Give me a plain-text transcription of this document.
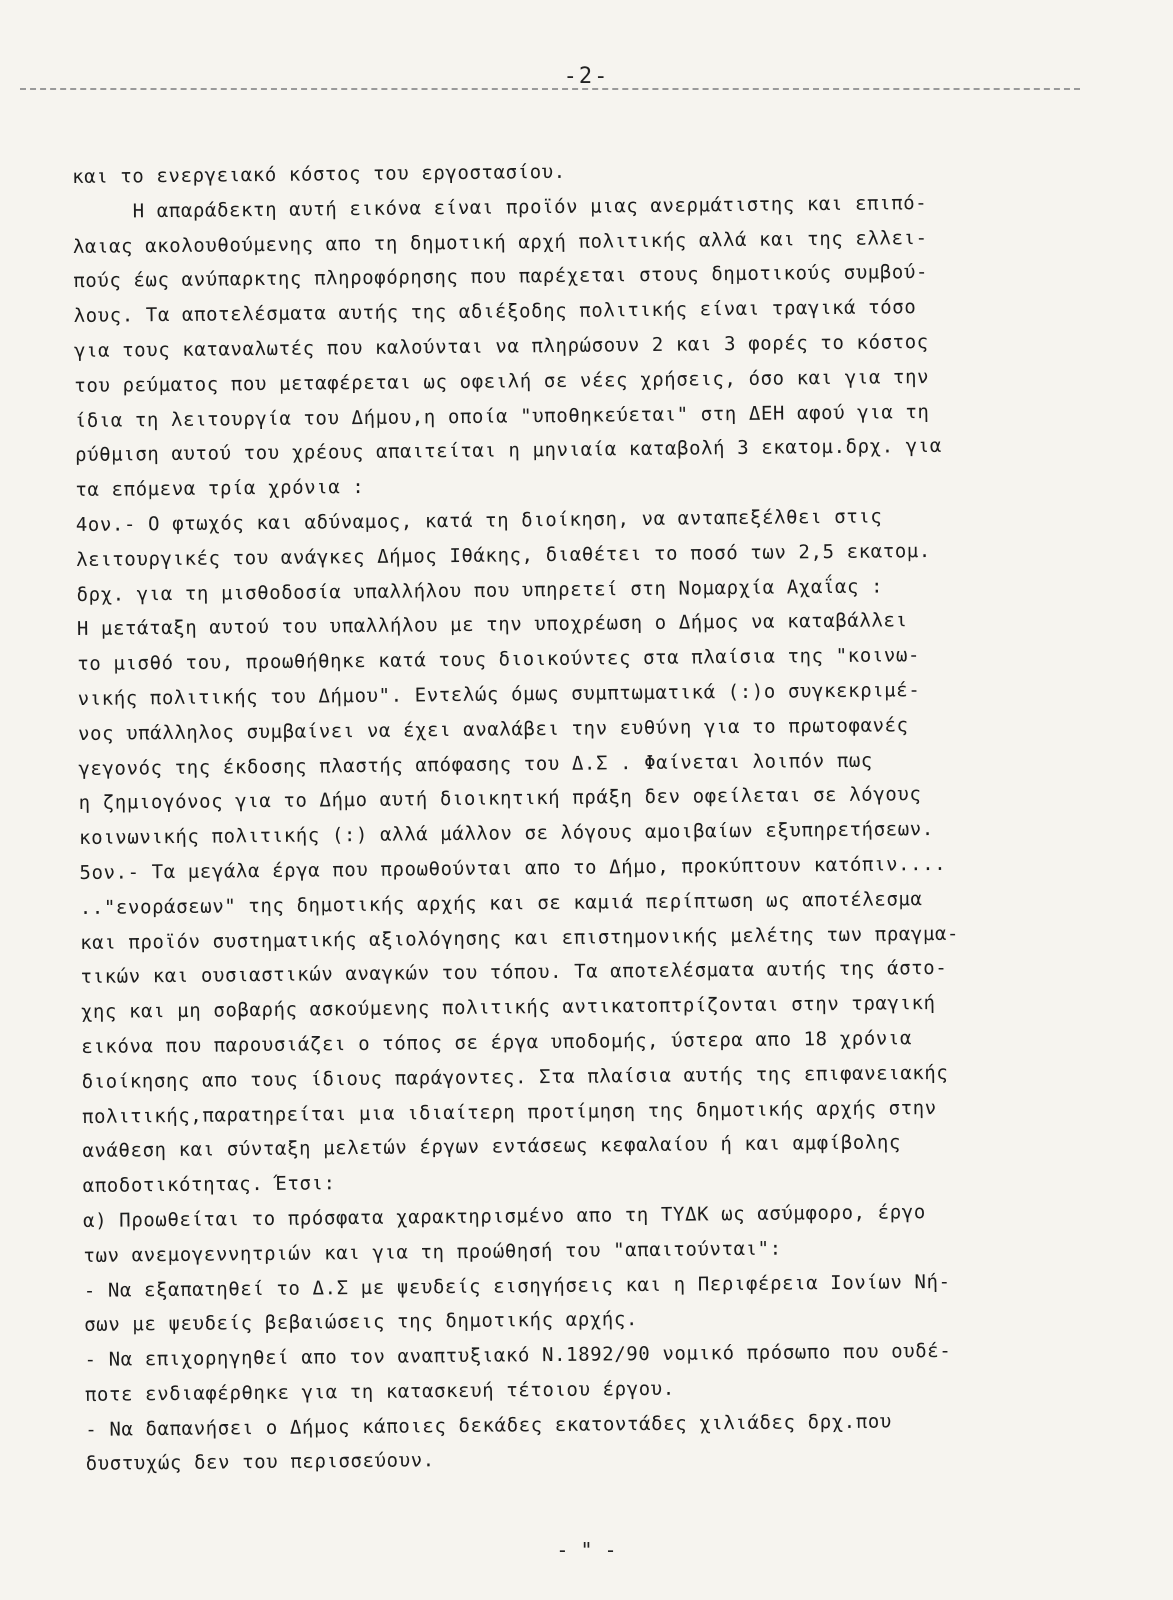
-2-
και το ενεργειακό κόστος του εργοστασίου.
Η απαράδεκτη αυτή εικόνα είναι προϊόν μιας ανερμάτιστης και επιπό-
λαιας ακολουθούμενης απο τη δημοτική αρχή πολιτικής αλλά και της ελλει-
πούς έως ανύπαρκτης πληροφόρησης που παρέχεται στους δημοτικούς συμβού-
λους. Τα αποτελέσματα αυτής της αδιέξοδης πολιτικής είναι τραγικά τόσο
για τους καταναλωτές που καλούνται να πληρώσουν 2 και 3 φορές το κόστος
του ρεύματος που μεταφέρεται ως οφειλή σε νέες χρήσεις, όσο και για την
ίδια τη λειτουργία του Δήμου,η οποία "υποθηκεύεται" στη ΔΕΗ αφού για τη
ρύθμιση αυτού του χρέους απαιτείται η μηνιαία καταβολή 3 εκατομ.δρχ. για
τα επόμενα τρία χρόνια :
4ον.- Ο φτωχός και αδύναμος, κατά τη διοίκηση, να ανταπεξέλθει στις
λειτουργικές του ανάγκες Δήμος Ιθάκης, διαθέτει το ποσό των 2,5 εκατομ.
δρχ. για τη μισθοδοσία υπαλλήλου που υπηρετεί στη Νομαρχία Αχαΐας :
Η μετάταξη αυτού του υπαλλήλου με την υποχρέωση ο Δήμος να καταβάλλει
το μισθό του, προωθήθηκε κατά τους διοικούντες στα πλαίσια της "κοινω-
νικής πολιτικής του Δήμου". Εντελώς όμως συμπτωματικά (:)ο συγκεκριμέ-
νος υπάλληλος συμβαίνει να έχει αναλάβει την ευθύνη για το πρωτοφανές
γεγονός της έκδοσης πλαστής απόφασης του Δ.Σ . Φαίνεται λοιπόν πως
η ζημιογόνος για το Δήμο αυτή διοικητική πράξη δεν οφείλεται σε λόγους
κοινωνικής πολιτικής (:) αλλά μάλλον σε λόγους αμοιβαίων εξυπηρετήσεων.
5ον.- Τα μεγάλα έργα που προωθούνται απο το Δήμο, προκύπτουν κατόπιν....
.."ενοράσεων" της δημοτικής αρχής και σε καμιά περίπτωση ως αποτέλεσμα
και προϊόν συστηματικής αξιολόγησης και επιστημονικής μελέτης των πραγμα-
τικών και ουσιαστικών αναγκών του τόπου. Τα αποτελέσματα αυτής της άστο-
χης και μη σοβαρής ασκούμενης πολιτικής αντικατοπτρίζονται στην τραγική
εικόνα που παρουσιάζει ο τόπος σε έργα υποδομής, ύστερα απο 18 χρόνια
διοίκησης απο τους ίδιους παράγοντες. Στα πλαίσια αυτής της επιφανειακής
πολιτικής,παρατηρείται μια ιδιαίτερη προτίμηση της δημοτικής αρχής στην
ανάθεση και σύνταξη μελετών έργων εντάσεως κεφαλαίου ή και αμφίβολης
αποδοτικότητας. Έτσι:
α) Προωθείται το πρόσφατα χαρακτηρισμένο απο τη ΤΥΔΚ ως ασύμφορο, έργο
των ανεμογεννητριών και για τη προώθησή του "απαιτούνται":
- Να εξαπατηθεί το Δ.Σ με ψευδείς εισηγήσεις και η Περιφέρεια Ιονίων Νή-
σων με ψευδείς βεβαιώσεις της δημοτικής αρχής.
- Να επιχορηγηθεί απο τον αναπτυξιακό Ν.1892/90 νομικό πρόσωπο που ουδέ-
ποτε ενδιαφέρθηκε για τη κατασκευή τέτοιου έργου.
- Να δαπανήσει ο Δήμος κάποιες δεκάδες εκατοντάδες χιλιάδες δρχ.που
δυστυχώς δεν του περισσεύουν.
- " -
